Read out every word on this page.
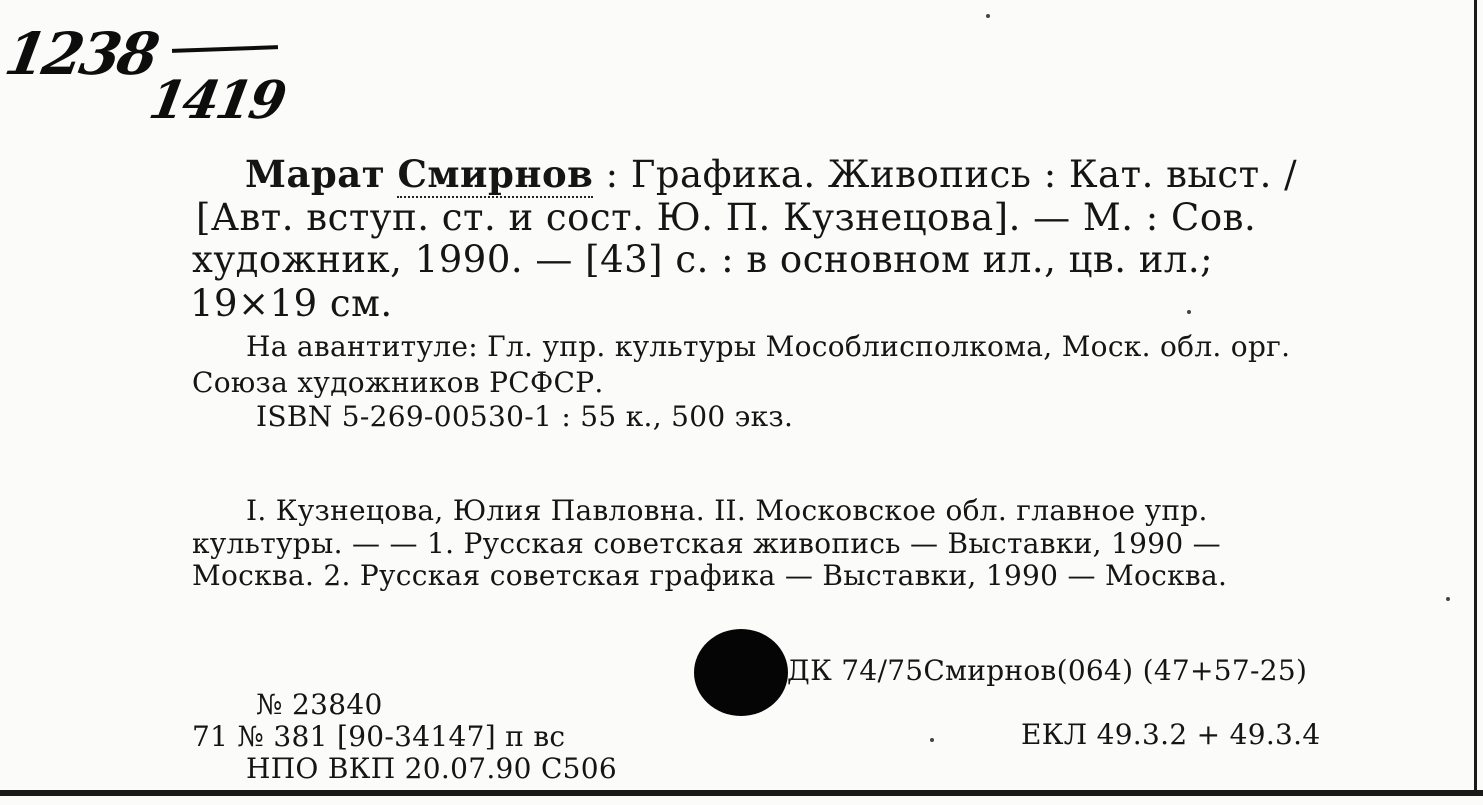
1238
1419
Марат Смирнов : Графика. Живопись : Кат. выст. /
[Авт. вступ. ст. и сост. Ю. П. Кузнецова]. — М. : Сов.
художник, 1990. — [43] с. : в основном ил., цв. ил.;
19×19 см.
На авантитуле: Гл. упр. культуры Мособлисполкома, Моск. обл. орг.
Союза художников РСФСР.
ISBN 5-269-00530-1 : 55 к., 500 экз.
I. Кузнецова, Юлия Павловна. II. Московское обл. главное упр.
культуры. — — 1. Русская советская живопись — Выставки, 1990 —
Москва. 2. Русская советская графика — Выставки, 1990 — Москва.
ДК 74/75Смирнов(064) (47+57-25)
№ 23840
71 № 381 [90-34147] п вс
НПО ВКП 20.07.90 С506
ЕКЛ 49.3.2 + 49.3.4
